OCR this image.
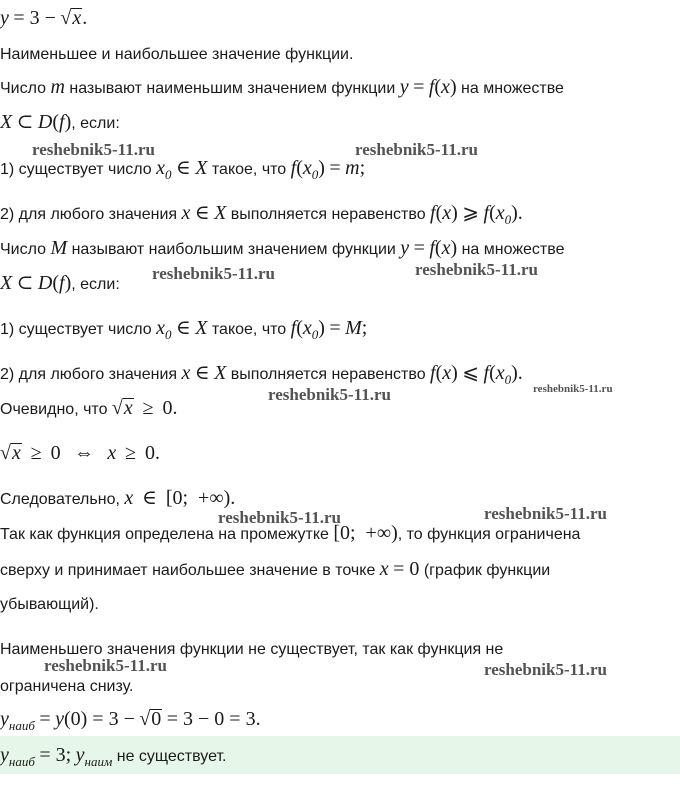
y = 3 − √x.
Наименьшее и наибольшее значение функции.
Число m называют наименьшим значением функции y = f(x) на множестве
X ⊂ D(f), если:
1) существует число $x_0$ ∈ X такое, что $f(x_0) = m$;
2) для любого значения x ∈ X выполняется неравенство f(x) ⩾ $f(x_0)$.
Число M называют наибольшим значением функции y = f(x) на множестве
X ⊂ D(f), если:
1) существует число $x_0$ ∈ X такое, что $f(x_0) = M$;
2) для любого значения x ∈ X выполняется неравенство f(x) ⩽ $f(x_0)$.
Очевидно, что √x ≥ 0.
√x ≥ 0 ⇔ x ≥ 0.
Следовательно, x ∈ [0;  +∞).
Так как функция определена на промежутке [0;  +∞), то функция ограничена
сверху и принимает наибольшее значение в точке x = 0 (график функции
убывающий).
Наименьшего значения функции не существует, так как функция не
ограничена снизу.
$y_{наиб} = y(0) = 3 - √0 = 3 - 0 = 3$.
$y_{наиб} = 3$; $y_{наим}$ не существует.
reshebnik5-11.ru	reshebnik5-11.ru
reshebnik5-11.ru	reshebnik5-11.ru
reshebnik5-11.ru	reshebnik5-11.ru
reshebnik5-11.ru	reshebnik5-11.ru
reshebnik5-11.ru	reshebnik5-11.ru
